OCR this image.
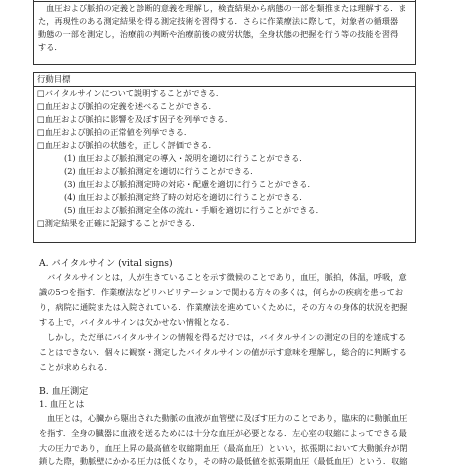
　血圧および脈拍の定義と診断的意義を理解し，検査結果から病態の一部を類推または理解する．ま
た，再現性のある測定結果を得る測定技術を習得する．さらに作業療法に際して，対象者の循環器
動態の一部を測定し，治療前の判断や治療前後の疲労状態，全身状態の把握を行う等の技能を習得
する．
行動目標
□バイタルサインについて説明することができる．
□血圧および脈拍の定義を述べることができる．
□血圧および脈拍に影響を及ぼす因子を列挙できる．
□血圧および脈拍の正常値を列挙できる．
□血圧および脈拍の状態を，正しく評価できる．
(1) 血圧および脈拍測定の導入・説明を適切に行うことができる．
(2) 血圧および脈拍測定を適切に行うことができる．
(3) 血圧および脈拍測定時の対応・配慮を適切に行うことができる．
(4) 血圧および脈拍測定終了時の対応を適切に行うことができる．
(5) 血圧および脈拍測定全体の流れ・手順を適切に行うことができる．
□測定結果を正確に記録することができる．
A. バイタルサイン (vital signs)
バイタルサインとは，人が生きていることを示す徴候のことであり，血圧，脈拍，体温，呼吸，意
識の5つを指す．作業療法などリハビリテーションで関わる方々の多くは，何らかの疾病を患ってお
り，病院に通院または入院されている．作業療法を進めていくために，その方々の身体的状況を把握
する上で，バイタルサインは欠かせない情報となる．
しかし，ただ単にバイタルサインの情報を得るだけでは，バイタルサインの測定の目的を達成する
ことはできない．個々に観察・測定したバイタルサインの値が示す意味を理解し，総合的に判断する
ことが求められる．
B. 血圧測定
1. 血圧とは
血圧とは，心臓から駆出された動脈の血液が血管壁に及ぼす圧力のことであり，臨床的に動脈血圧
を指す．全身の臓器に血液を送るためには十分な血圧が必要となる．左心室の収縮によってできる最
大の圧力であり，血圧上昇の最高値を収縮期血圧（最高血圧）といい，拡張期において大動脈弁が閉
鎖した際，動脈壁にかかる圧力は低くなり，その時の最低値を拡張期血圧（最低血圧）という．収縮
